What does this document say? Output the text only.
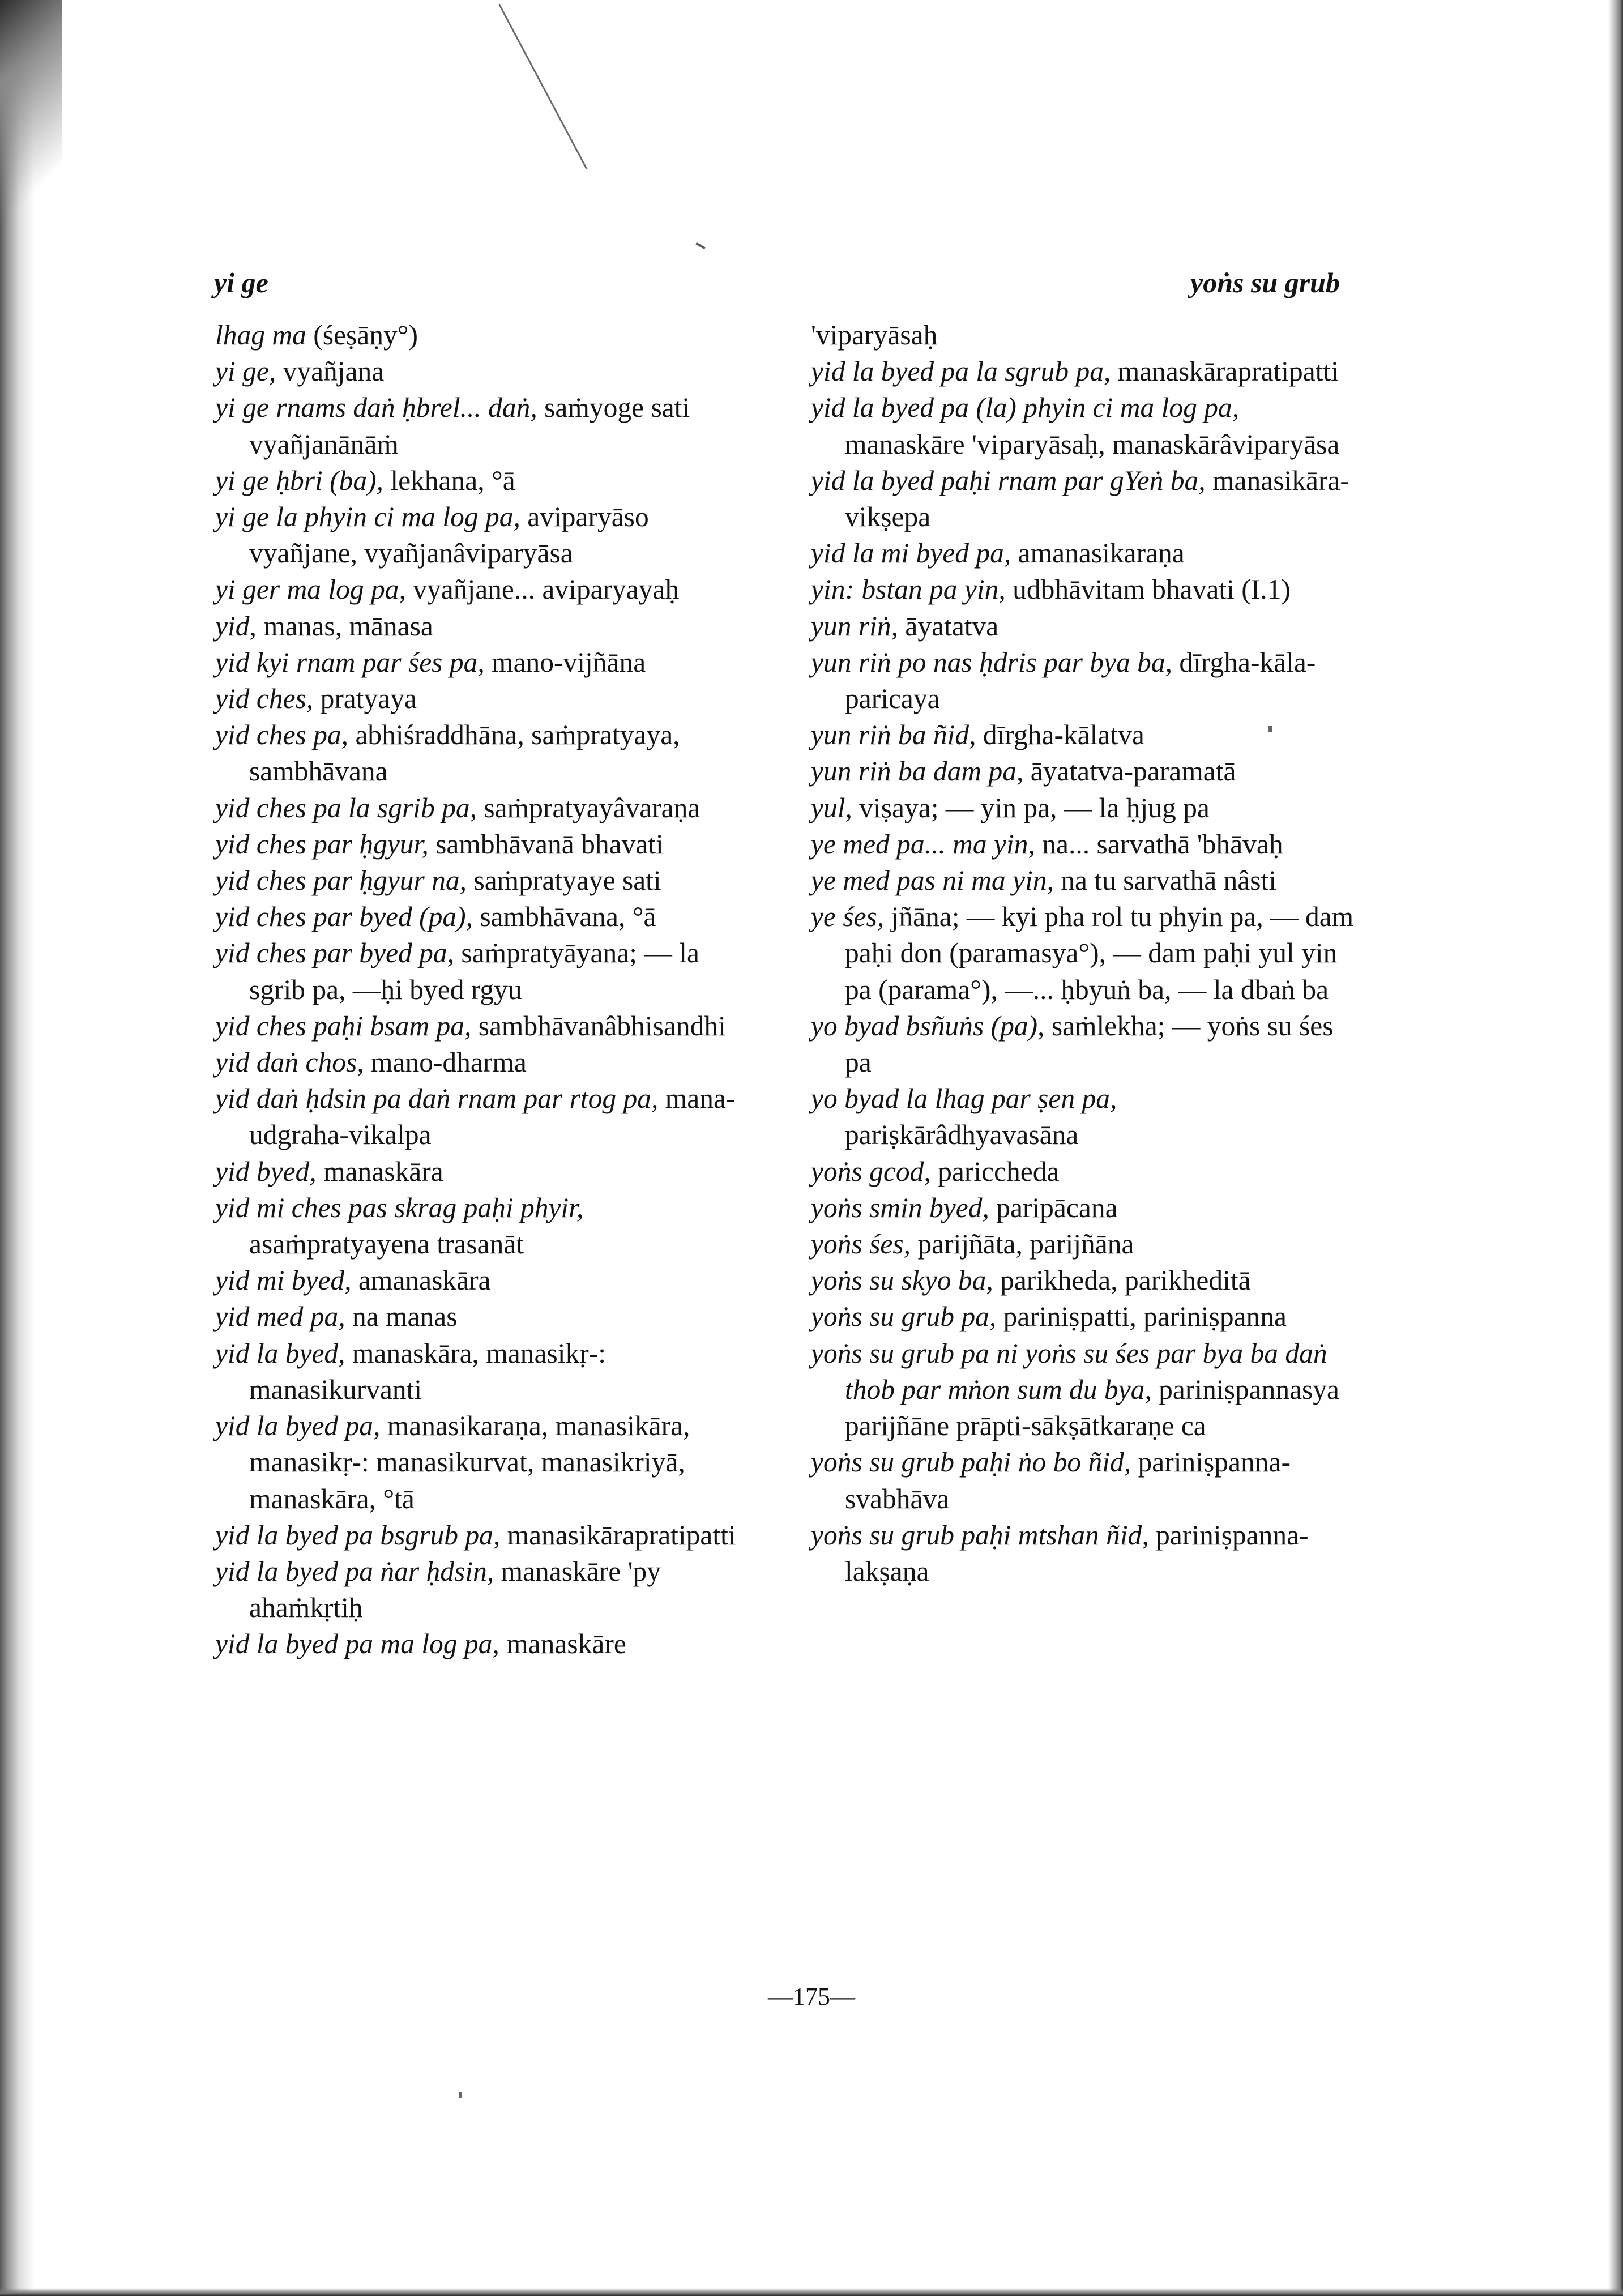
yi ge	yoṅs su grub

lhag ma (śeṣāṇy°)

yi ge, vyañjana

yi ge rnams daṅ ḥbrel... daṅ, saṁyoge sati vyañjanānāṁ

yi ge ḥbri (ba), lekhana, °ā

yi ge la phyin ci ma log pa, aviparyāso vyañjane, vyañjanâviparyāsa

yi ger ma log pa, vyañjane... aviparyayaḥ

yid, manas, mānasa

yid kyi rnam par śes pa, mano-vijñāna

yid ches, pratyaya

yid ches pa, abhiśraddhāna, saṁpratyaya, sambhāvana

yid ches pa la sgrib pa, saṁpratyayâvaraṇa

yid ches par ḥgyur, sambhāvanā bhavati

yid ches par ḥgyur na, saṁpratyaye sati

yid ches par byed (pa), sambhāvana, °ā

yid ches par byed pa, saṁpratyāyana; — la sgrib pa, —ḥi byed rgyu

yid ches paḥi bsam pa, sambhāvanâbhisandhi

yid daṅ chos, mano-dharma

yid daṅ ḥdsin pa daṅ rnam par rtog pa, mana-udgraha-vikalpa

yid byed, manaskāra

yid mi ches pas skrag paḥi phyir, asaṁpratyayena trasanāt

yid mi byed, amanaskāra

yid med pa, na manas

yid la byed, manaskāra, manasikṛ-: manasikurvanti

yid la byed pa, manasikaraṇa, manasikāra, manasikṛ-: manasikurvat, manasikriyā, manaskāra, °tā

yid la byed pa bsgrub pa, manasikārapratipatti

yid la byed pa ṅar ḥdsin, manaskāre 'py ahaṁkṛtiḥ

yid la byed pa ma log pa, manaskāre

'viparyāsaḥ

yid la byed pa la sgrub pa, manaskārapratipatti

yid la byed pa (la) phyin ci ma log pa, manaskāre 'viparyāsaḥ, manaskārâviparyāsa

yid la byed paḥi rnam par gYeṅ ba, manasikāra-vikṣepa

yid la mi byed pa, amanasikaraṇa

yin: bstan pa yin, udbhāvitam bhavati (I.1)

yun riṅ, āyatatva

yun riṅ po nas ḥdris par bya ba, dīrgha-kāla-paricaya

yun riṅ ba ñid, dīrgha-kālatva

yun riṅ ba dam pa, āyatatva-paramatā

yul, viṣaya; — yin pa, — la ḥjug pa

ye med pa... ma yin, na... sarvathā 'bhāvaḥ

ye med pas ni ma yin, na tu sarvathā nâsti

ye śes, jñāna; — kyi pha rol tu phyin pa, — dam paḥi don (paramasya°), — dam paḥi yul yin pa (parama°), —... ḥbyuṅ ba, — la dbaṅ ba

yo byad bsñuṅs (pa), saṁlekha; — yoṅs su śes pa

yo byad la lhag par ṣen pa, pariṣkārâdhyavasāna

yoṅs gcod, pariccheda

yoṅs smin byed, paripācana

yoṅs śes, parijñāta, parijñāna

yoṅs su skyo ba, parikheda, parikheditā

yoṅs su grub pa, pariniṣpatti, pariniṣpanna

yoṅs su grub pa ni yoṅs su śes par bya ba daṅ thob par mṅon sum du bya, pariniṣpannasya parijñāne prāpti-sākṣātkaraṇe ca

yoṅs su grub paḥi ṅo bo ñid, pariniṣpanna-svabhāva

yoṅs su grub paḥi mtshan ñid, pariniṣpanna-lakṣaṇa

—175—
